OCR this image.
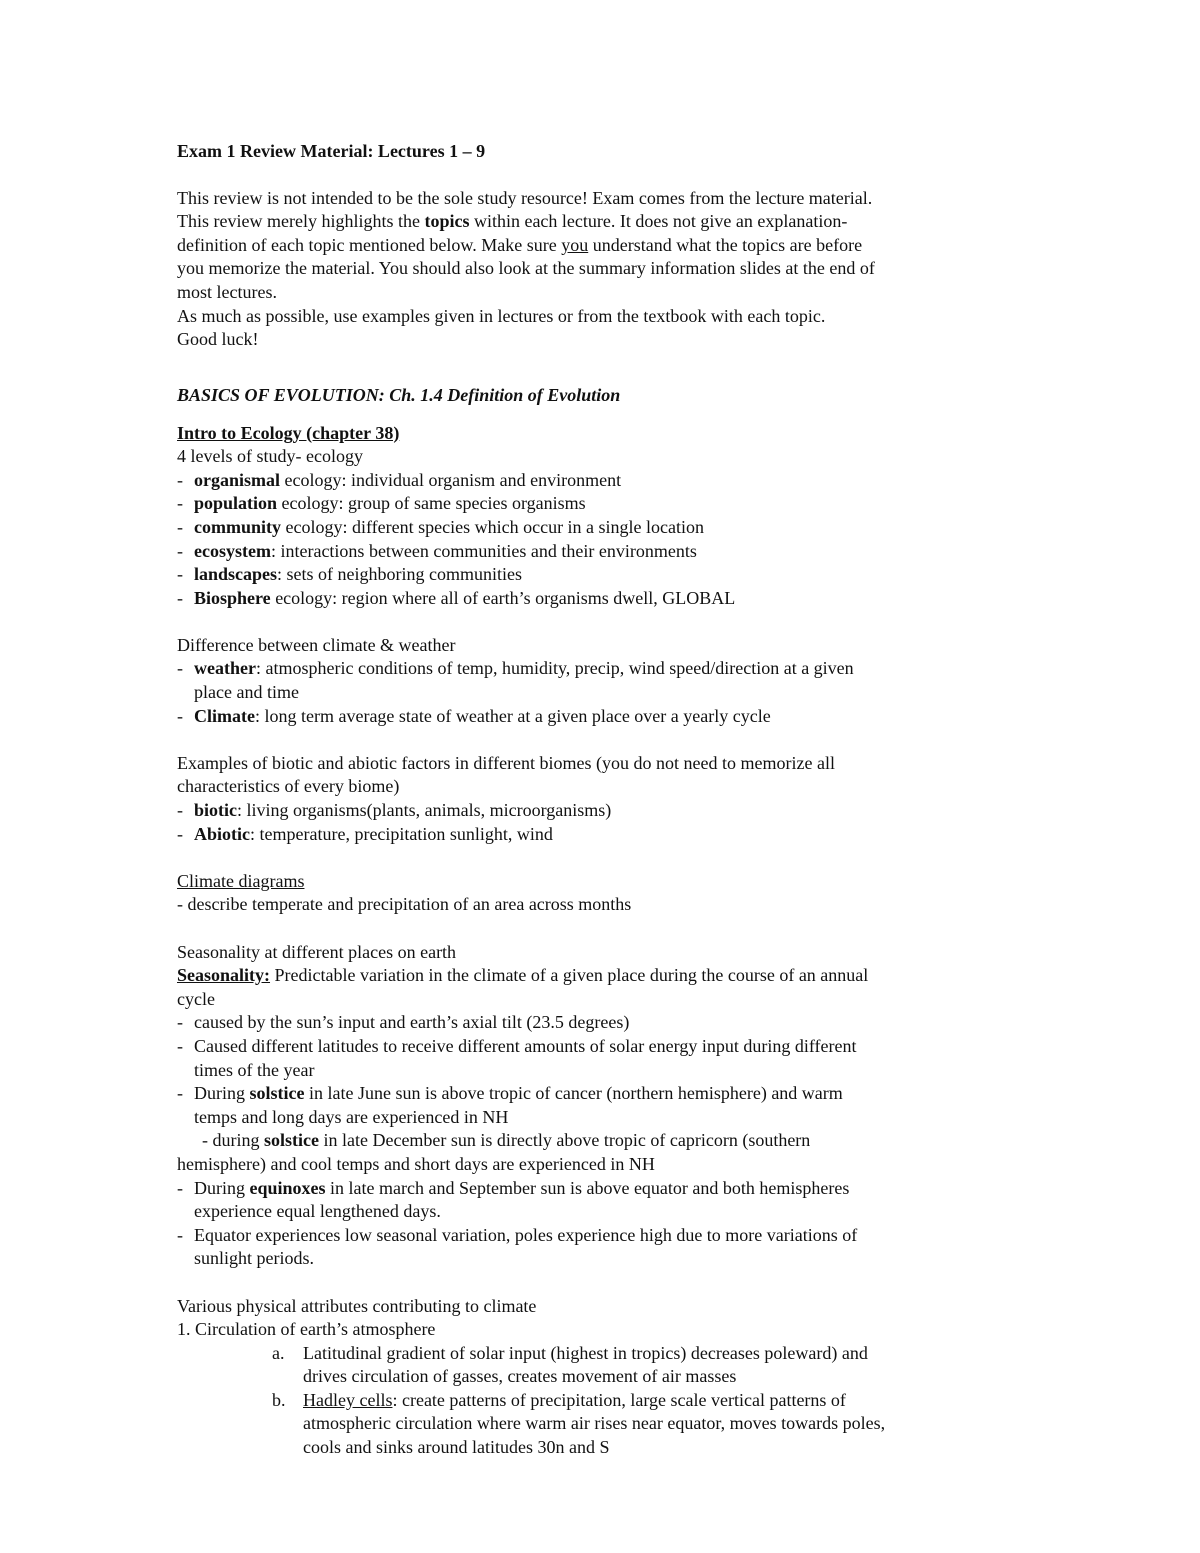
Exam 1 Review Material: Lectures 1 – 9
This review is not intended to be the sole study resource! Exam comes from the lecture material.
This review merely highlights the topics within each lecture. It does not give an explanation-
definition of each topic mentioned below. Make sure you understand what the topics are before
you memorize the material. You should also look at the summary information slides at the end of
most lectures.
As much as possible, use examples given in lectures or from the textbook with each topic.
Good luck!
BASICS OF EVOLUTION: Ch. 1.4 Definition of Evolution
Intro to Ecology (chapter 38)
4 levels of study- ecology
- organismal ecology: individual organism and environment
- population ecology: group of same species organisms
- community ecology: different species which occur in a single location
- ecosystem: interactions between communities and their environments
- landscapes: sets of neighboring communities
- Biosphere ecology: region where all of earth’s organisms dwell, GLOBAL
Difference between climate & weather
- weather: atmospheric conditions of temp, humidity, precip, wind speed/direction at a given
place and time
- Climate: long term average state of weather at a given place over a yearly cycle
Examples of biotic and abiotic factors in different biomes (you do not need to memorize all
characteristics of every biome)
- biotic: living organisms(plants, animals, microorganisms)
- Abiotic: temperature, precipitation sunlight, wind
Climate diagrams
- describe temperate and precipitation of an area across months
Seasonality at different places on earth
Seasonality: Predictable variation in the climate of a given place during the course of an annual
cycle
- caused by the sun’s input and earth’s axial tilt (23.5 degrees)
- Caused different latitudes to receive different amounts of solar energy input during different
times of the year
- During solstice in late June sun is above tropic of cancer (northern hemisphere) and warm
temps and long days are experienced in NH
- during solstice in late December sun is directly above tropic of capricorn (southern
hemisphere) and cool temps and short days are experienced in NH
- During equinoxes in late march and September sun is above equator and both hemispheres
experience equal lengthened days.
- Equator experiences low seasonal variation, poles experience high due to more variations of
sunlight periods.
Various physical attributes contributing to climate
1. Circulation of earth’s atmosphere
a.	Latitudinal gradient of solar input (highest in tropics) decreases poleward) and
drives circulation of gasses, creates movement of air masses
b. Hadley cells: create patterns of precipitation, large scale vertical patterns of
atmospheric circulation where warm air rises near equator, moves towards poles,
cools and sinks around latitudes 30n and S
